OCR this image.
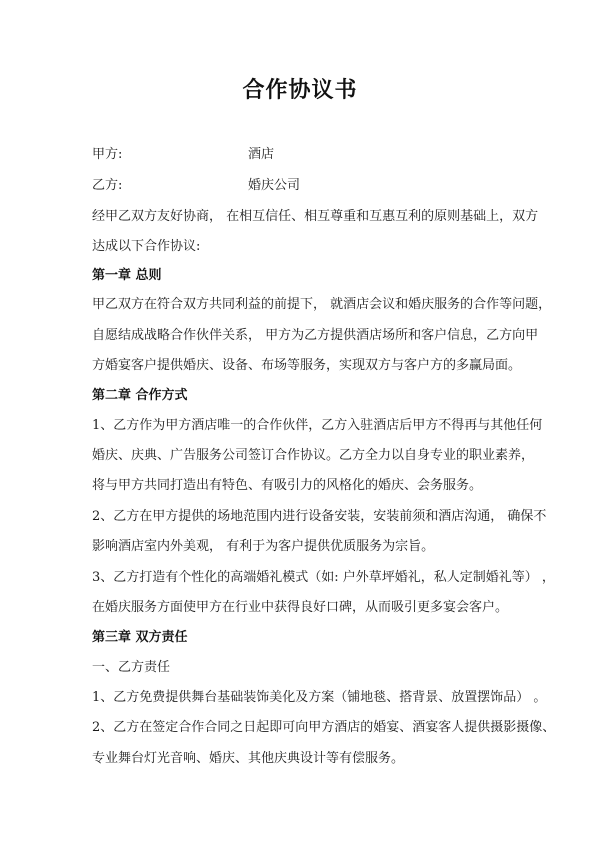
合作协议书
甲方:	酒店
乙方:	婚庆公司
经甲乙双方友好协商， 在相互信任、相互尊重和互惠互利的原则基础上，双方
达成以下合作协议:
第一章 总则
甲乙双方在符合双方共同利益的前提下， 就酒店会议和婚庆服务的合作等问题，
自愿结成战略合作伙伴关系， 甲方为乙方提供酒店场所和客户信息，乙方向甲
方婚宴客户提供婚庆、设备、布场等服务，实现双方与客户方的多赢局面。
第二章 合作方式
1、乙方作为甲方酒店唯一的合作伙伴，乙方入驻酒店后甲方不得再与其他任何
婚庆、庆典、广告服务公司签订合作协议。乙方全力以自身专业的职业素养，
将与甲方共同打造出有特色、有吸引力的风格化的婚庆、会务服务。
2、乙方在甲方提供的场地范围内进行设备安装，安装前须和酒店沟通， 确保不
影响酒店室内外美观， 有利于为客户提供优质服务为宗旨。
3、乙方打造有个性化的高端婚礼模式（如: 户外草坪婚礼，私人定制婚礼等） ，
在婚庆服务方面使甲方在行业中获得良好口碑，从而吸引更多宴会客户。
第三章 双方责任
一、乙方责任
1、乙方免费提供舞台基础装饰美化及方案（铺地毯、搭背景、放置摆饰品） 。
2、乙方在签定合作合同之日起即可向甲方酒店的婚宴、酒宴客人提供摄影摄像、
专业舞台灯光音响、婚庆、其他庆典设计等有偿服务。
